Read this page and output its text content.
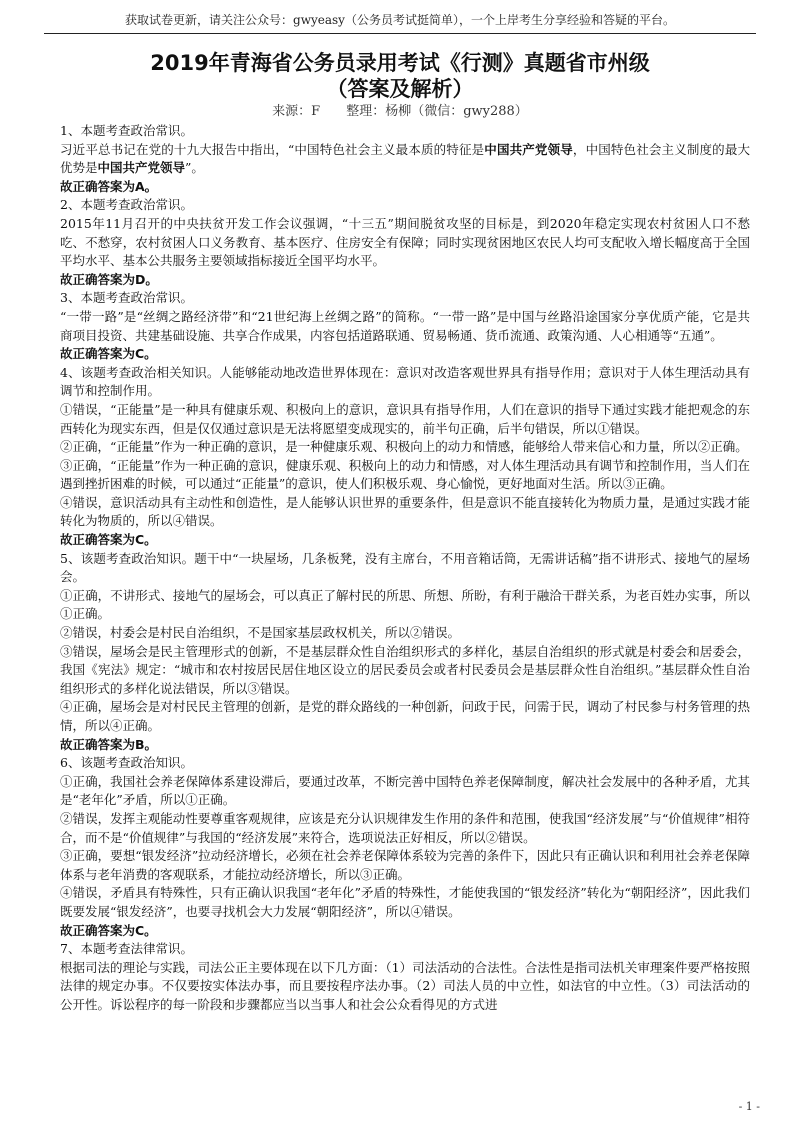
获取试卷更新，请关注公众号：gwyeasy（公务员考试挺简单），一个上岸考生分享经验和答疑的平台。
2019年青海省公务员录用考试《行测》真题省市州级
（答案及解析）
来源：F　　整理：杨柳（微信：gwy288）

1、本题考查政治常识。

习近平总书记在党的十九大报告中指出，“中国特色社会主义最本质的特征是中国共产党领导，中国特色社会主义制度的最大优势是中国共产党领导”。

故正确答案为A。

2、本题考查政治常识。

2015年11月召开的中央扶贫开发工作会议强调，“十三五”期间脱贫攻坚的目标是，到2020年稳定实现农村贫困人口不愁吃、不愁穿，农村贫困人口义务教育、基本医疗、住房安全有保障；同时实现贫困地区农民人均可支配收入增长幅度高于全国平均水平、基本公共服务主要领域指标接近全国平均水平。

故正确答案为D。

3、本题考查政治常识。

“一带一路”是“丝绸之路经济带”和“21世纪海上丝绸之路”的简称。“一带一路”是中国与丝路沿途国家分享优质产能，它是共商项目投资、共建基础设施、共享合作成果，内容包括道路联通、贸易畅通、货币流通、政策沟通、人心相通等“五通”。

故正确答案为C。

4、该题考查政治相关知识。人能够能动地改造世界体现在：意识对改造客观世界具有指导作用；意识对于人体生理活动具有调节和控制作用。

①错误，“正能量”是一种具有健康乐观、积极向上的意识，意识具有指导作用，人们在意识的指导下通过实践才能把观念的东西转化为现实东西，但是仅仅通过意识是无法将愿望变成现实的，前半句正确，后半句错误，所以①错误。

②正确，“正能量”作为一种正确的意识，是一种健康乐观、积极向上的动力和情感，能够给人带来信心和力量，所以②正确。

③正确，“正能量”作为一种正确的意识，健康乐观、积极向上的动力和情感，对人体生理活动具有调节和控制作用，当人们在遇到挫折困难的时候，可以通过“正能量”的意识，使人们积极乐观、身心愉悦，更好地面对生活。所以③正确。

④错误，意识活动具有主动性和创造性，是人能够认识世界的重要条件，但是意识不能直接转化为物质力量，是通过实践才能转化为物质的，所以④错误。

故正确答案为C。

5、该题考查政治知识。题干中“一块屋场，几条板凳，没有主席台，不用音箱话筒，无需讲话稿”指不讲形式、接地气的屋场会。

①正确，不讲形式、接地气的屋场会，可以真正了解村民的所思、所想、所盼，有利于融洽干群关系，为老百姓办实事，所以①正确。

②错误，村委会是村民自治组织，不是国家基层政权机关，所以②错误。

③错误，屋场会是民主管理形式的创新，不是基层群众性自治组织形式的多样化，基层自治组织的形式就是村委会和居委会，我国《宪法》规定：“城市和农村按居民居住地区设立的居民委员会或者村民委员会是基层群众性自治组织。”基层群众性自治组织形式的多样化说法错误，所以③错误。

④正确，屋场会是对村民民主管理的创新，是党的群众路线的一种创新，问政于民，问需于民，调动了村民参与村务管理的热情，所以④正确。

故正确答案为B。

6、该题考查政治知识。

①正确，我国社会养老保障体系建设滞后，要通过改革，不断完善中国特色养老保障制度，解决社会发展中的各种矛盾，尤其是“老年化”矛盾，所以①正确。

②错误，发挥主观能动性要尊重客观规律，应该是充分认识规律发生作用的条件和范围，使我国“经济发展”与“价值规律”相符合，而不是“价值规律”与我国的“经济发展”来符合，选项说法正好相反，所以②错误。

③正确，要想“银发经济”拉动经济增长，必须在社会养老保障体系较为完善的条件下，因此只有正确认识和利用社会养老保障体系与老年消费的客观联系，才能拉动经济增长，所以③正确。

④错误，矛盾具有特殊性，只有正确认识我国“老年化”矛盾的特殊性，才能使我国的“银发经济”转化为“朝阳经济”，因此我们既要发展“银发经济”，也要寻找机会大力发展“朝阳经济”，所以④错误。

故正确答案为C。

7、本题考查法律常识。

根据司法的理论与实践，司法公正主要体现在以下几方面：（1）司法活动的合法性。合法性是指司法机关审理案件要严格按照法律的规定办事。不仅要按实体法办事，而且要按程序法办事。（2）司法人员的中立性，如法官的中立性。（3）司法活动的公开性。诉讼程序的每一阶段和步骤都应当以当事人和社会公众看得见的方式进

- 1 -
